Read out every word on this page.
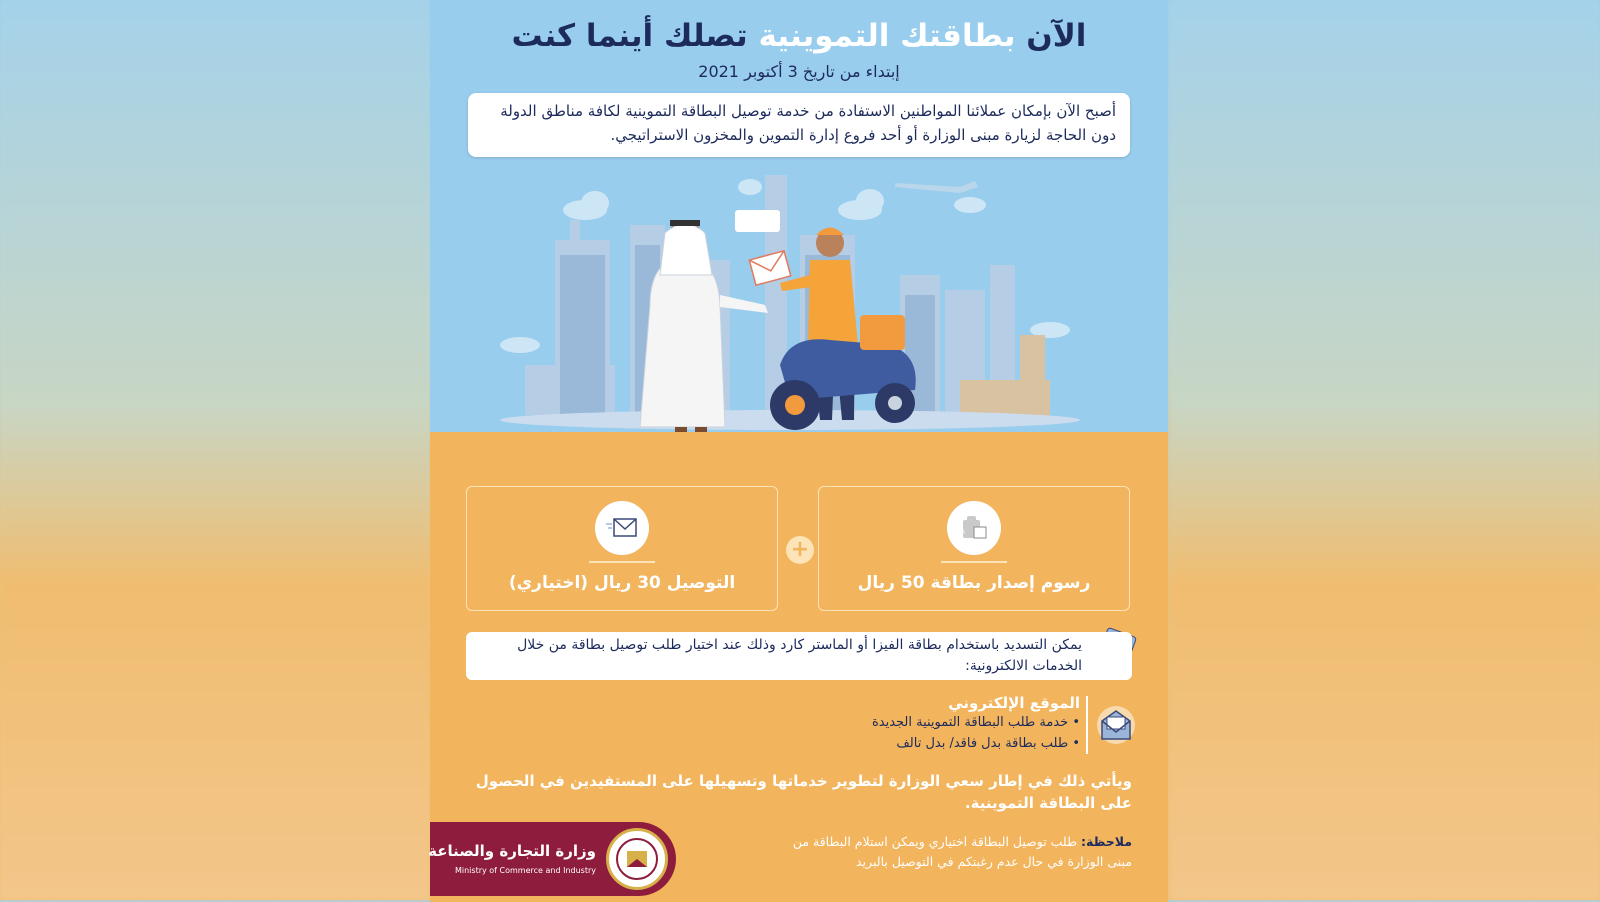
الآن بطاقتك التموينية تصلك أينما كنت
إبتداء من تاريخ 3 أكتوبر 2021
أصبح الآن بإمكان عملائنا المواطنين الاستفادة من خدمة توصيل البطاقة التموينية لكافة مناطق الدولة دون الحاجة لزيارة مبنى الوزارة أو أحد فروع إدارة التموين والمخزون الاستراتيجي.
QR
رسوم إصدار بطاقة 50 ريال
+
التوصيل 30 ريال (اختياري)
يمكن التسديد باستخدام بطاقة الفيزا أو الماستر كارد وذلك عند اختيار طلب توصيل بطاقة من خلال الخدمات الالكترونية:
الموقع الإلكتروني
• خدمة طلب البطاقة التموينية الجديدة
• طلب بطاقة بدل فاقد/ بدل تالف
ويأتي ذلك في إطار سعي الوزارة لتطوير خدماتها وتسهيلها على المستفيدين في الحصول على البطاقة التموينية.
ملاحظة: طلب توصيل البطاقة اختياري ويمكن استلام البطاقة من مبنى الوزارة في حال عدم رغبتكم في التوصيل بالبريد
وزارة التجارة والصناعة
Ministry of Commerce and Industry
